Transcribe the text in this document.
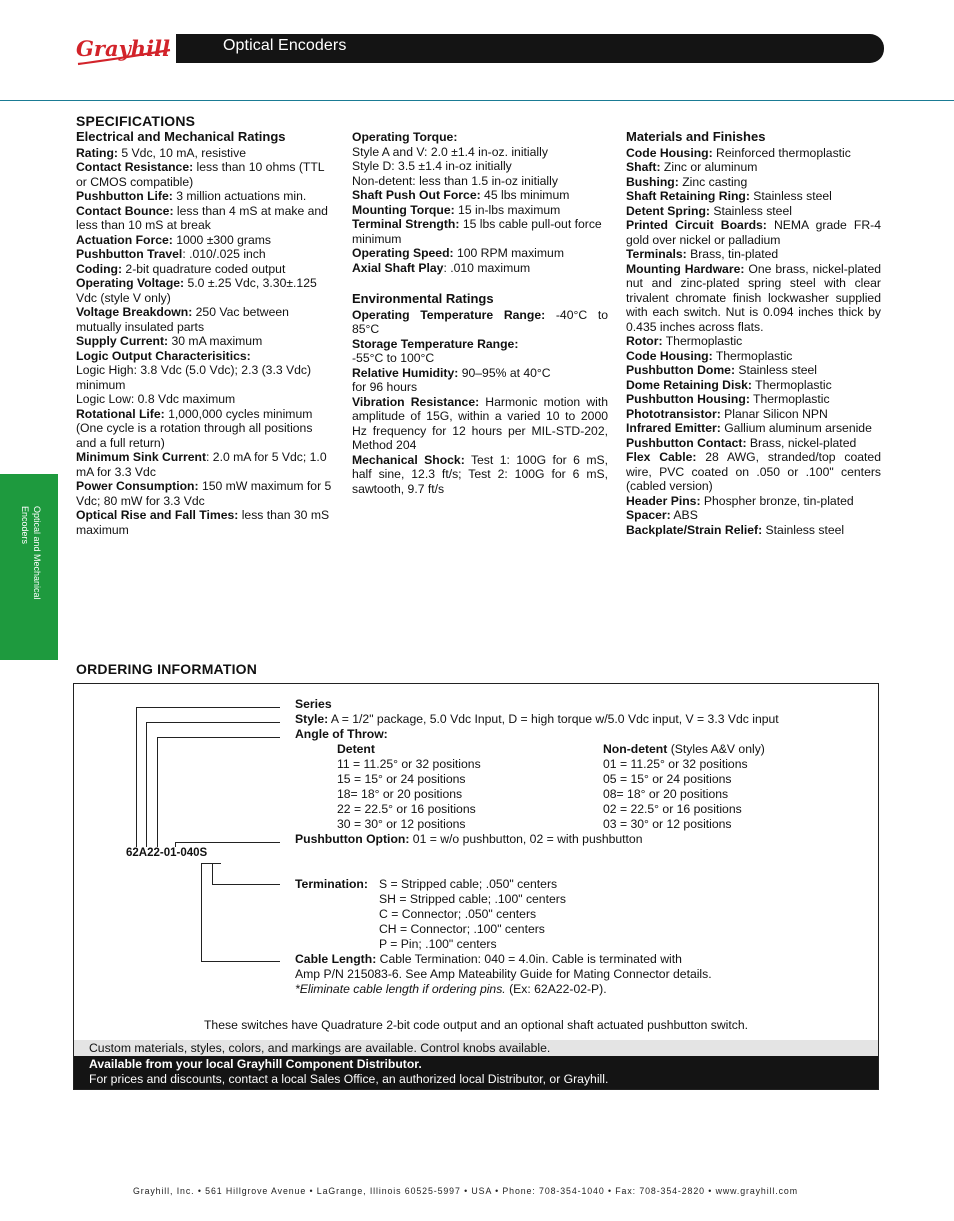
Grayhill	Optical Encoders
Optical and Mechanical Encoders
SPECIFICATIONS
Electrical and Mechanical Ratings

Rating: 5 Vdc, 10 mA, resistive

Contact Resistance: less than 10 ohms (TTL or CMOS compatible)

Pushbutton Life: 3 million actuations min.

Contact Bounce: less than 4 mS at make and less than 10 mS at break

Actuation Force: 1000 ±300 grams

Pushbutton Travel: .010/.025 inch

Coding: 2-bit quadrature coded output

Operating Voltage: 5.0 ±.25 Vdc, 3.30±.125 Vdc (style V only)

Voltage Breakdown: 250 Vac between mutually insulated parts

Supply Current: 30 mA maximum

Logic Output Characterisitics:

Logic High: 3.8 Vdc (5.0 Vdc); 2.3 (3.3 Vdc) minimum

Logic Low: 0.8 Vdc maximum

Rotational Life: 1,000,000 cycles minimum (One cycle is a rotation through all positions and a full return)

Minimum Sink Current: 2.0 mA for 5 Vdc; 1.0 mA for 3.3 Vdc

Power Consumption: 150 mW maximum for 5 Vdc; 80 mW for 3.3 Vdc

Optical Rise and Fall Times: less than 30 mS maximum

Operating Torque:

Style A and V: 2.0 ±1.4 in-oz. initially

Style D: 3.5 ±1.4 in-oz initially

Non-detent: less than 1.5 in-oz initially

Shaft Push Out Force: 45 lbs minimum

Mounting Torque: 15 in-lbs maximum

Terminal Strength: 15 lbs cable pull-out force minimum

Operating Speed: 100 RPM maximum

Axial Shaft Play: .010 maximum

Environmental Ratings

Operating Temperature Range: -40°C to 85°C

Storage Temperature Range:

-55°C to 100°C

Relative Humidity: 90–95% at 40°C

for 96 hours

Vibration Resistance: Harmonic motion with amplitude of 15G, within a varied 10 to 2000 Hz frequency for 12 hours per MIL-STD-202, Method 204

Mechanical Shock: Test 1: 100G for 6 mS, half sine, 12.3 ft/s; Test 2: 100G for 6 mS, sawtooth, 9.7 ft/s

Materials and Finishes

Code Housing: Reinforced thermoplastic

Shaft: Zinc or aluminum

Bushing: Zinc casting

Shaft Retaining Ring: Stainless steel

Detent Spring: Stainless steel

Printed Circuit Boards: NEMA grade FR-4 gold over nickel or palladium

Terminals: Brass, tin-plated

Mounting Hardware: One brass, nickel-plated nut and zinc-plated spring steel with clear trivalent chromate finish lockwasher supplied with each switch. Nut is 0.094 inches thick by 0.435 inches across flats.

Rotor: Thermoplastic

Code Housing: Thermoplastic

Pushbutton Dome: Stainless steel

Dome Retaining Disk: Thermoplastic

Pushbutton Housing: Thermoplastic

Phototransistor: Planar Silicon NPN

Infrared Emitter: Gallium aluminum arsenide

Pushbutton Contact: Brass, nickel-plated

Flex Cable: 28 AWG, stranded/top coated wire, PVC coated on .050 or .100" centers (cabled version)

Header Pins: Phospher bronze, tin-plated

Spacer: ABS

Backplate/Strain Relief: Stainless steel

ORDERING INFORMATION
62A22-01-040S
Series
Style: A = 1/2" package, 5.0 Vdc Input, D = high torque w/5.0 Vdc input, V = 3.3 Vdc input
Angle of Throw:
Detent
11 = 11.25° or 32 positions
15 = 15° or 24 positions
18= 18° or 20 positions
22 = 22.5° or 16 positions
30 = 30° or 12 positions
Non-detent (Styles A&V only)
01 = 11.25° or 32 positions
05 = 15° or 24 positions
08= 18° or 20 positions
02 = 22.5° or 16 positions
03 = 30° or 12 positions
Pushbutton Option: 01 = w/o pushbutton, 02 = with pushbutton
Termination: S = Stripped cable; .050" centers
SH = Stripped cable; .100" centers
C = Connector; .050" centers
CH = Connector; .100" centers
P = Pin; .100" centers
Cable Length: Cable Termination: 040 = 4.0in. Cable is terminated with
Amp P/N 215083-6. See Amp Mateability Guide for Mating Connector details.
*Eliminate cable length if ordering pins. (Ex: 62A22-02-P).
These switches have Quadrature 2-bit code output and an optional shaft actuated pushbutton switch.
Custom materials, styles, colors, and markings are available. Control knobs available.
Available from your local Grayhill Component Distributor.
For prices and discounts, contact a local Sales Office, an authorized local Distributor, or Grayhill.
Grayhill, Inc. • 561 Hillgrove Avenue • LaGrange, Illinois 60525-5997 • USA • Phone: 708-354-1040 • Fax: 708-354-2820 • www.grayhill.com
